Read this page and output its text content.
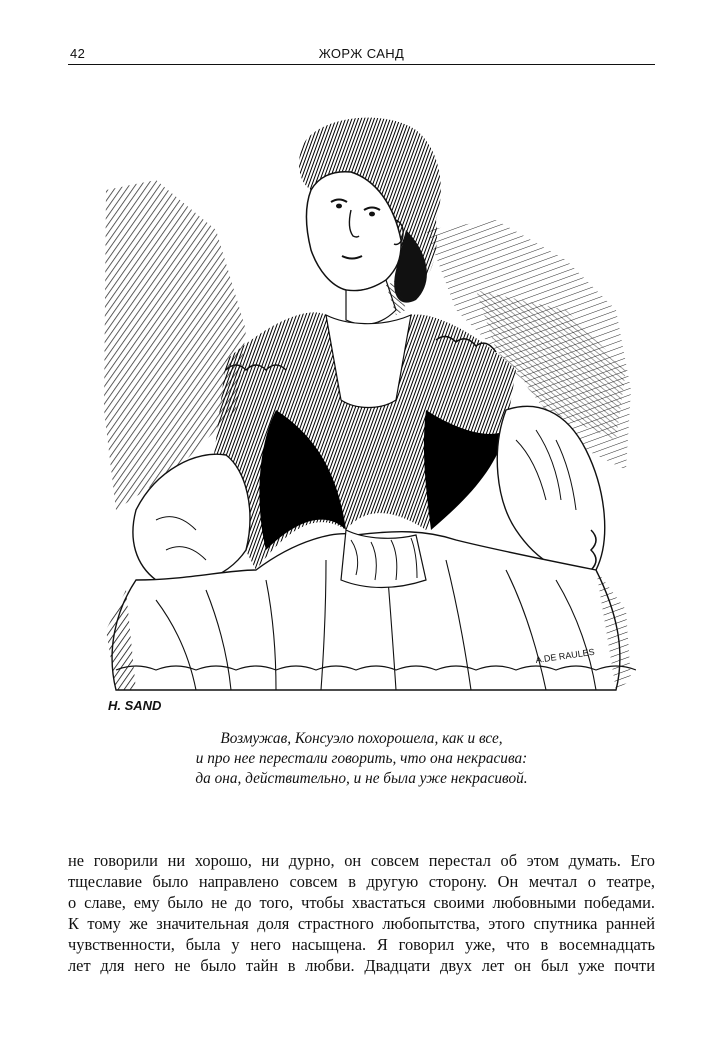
42	ЖОРЖ САНД
H. SAND
A.DE RAULES
Возмужав, Консуэло похорошела, как и все,
и про нее перестали говорить, что она некрасива:
да она, действительно, и не была уже некрасивой.
не говорили ни хорошо, ни дурно, он совсем перестал об этом думать. Его
тщеславие было направлено совсем в другую сторону. Он мечтал о театре,
о славе, ему было не до того, чтобы хвастаться своими любовными победами.
К тому же значительная доля страстного любопытства, этого спутника ранней
чувственности, была у него насыщена. Я говорил уже, что в восемнадцать
лет для него не было тайн в любви. Двадцати двух лет он был уже почти
